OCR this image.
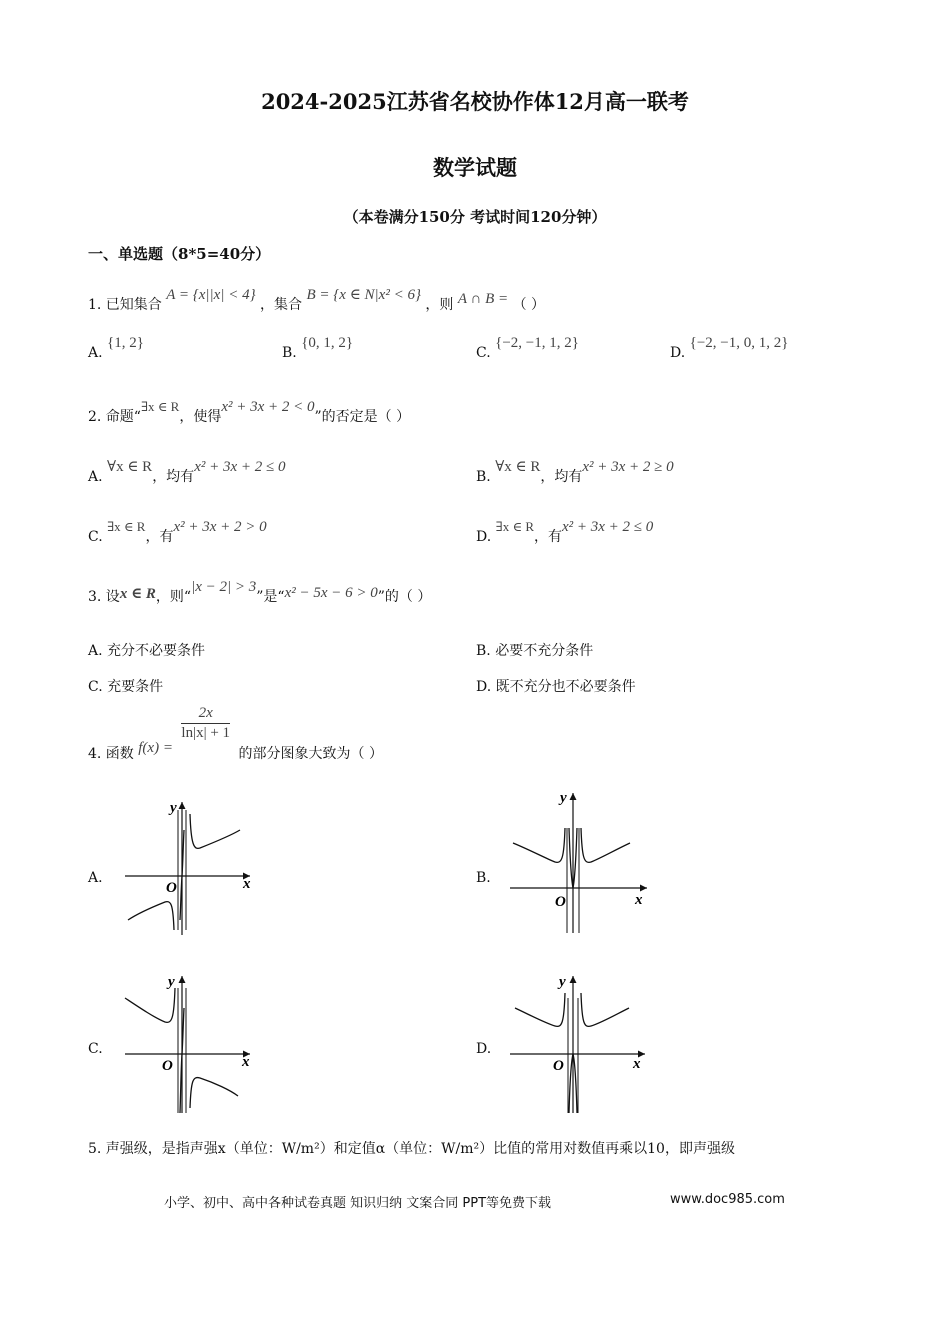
2024-2025江苏省名校协作体12月高一联考
数学试题
（本卷满分150分 考试时间120分钟）
一、单选题（8*5=40分）
1. 已知集合 A = {x||x| < 4} ，集合 B = {x ∈ N|x² < 6} ，则 A ∩ B = （ ）
A. {1, 2}
B. {0, 1, 2}
C. {−2, −1, 1, 2}
D. {−2, −1, 0, 1, 2}
2. 命题“∃x ∈ R，使得x² + 3x + 2 < 0”的否定是（ ）
A. ∀x ∈ R，均有x² + 3x + 2 ≤ 0
B. ∀x ∈ R，均有x² + 3x + 2 ≥ 0
C. ∃x ∈ R，有x² + 3x + 2 > 0
D. ∃x ∈ R，有x² + 3x + 2 ≤ 0
3. 设x ∈ R，则“|x − 2| > 3”是“x² − 5x − 6 > 0”的（ ）
A. 充分不必要条件	B. 必要不充分条件
C. 充要条件	D. 既不充分也不必要条件
4. 函数 f(x) =
$\frac{2x}{\ln|x| + 1}$
的部分图象大致为（ ）
A.	B.
C.	D.
y
x
O
y
x
O
y
x
O
y
x
O
5. 声强级，是指声强x（单位：W/m²）和定值α（单位：W/m²）比值的常用对数值再乘以10，即声强级
小学、初中、高中各种试卷真题 知识归纳 文案合同 PPT等免费下载	www.doc985.com
